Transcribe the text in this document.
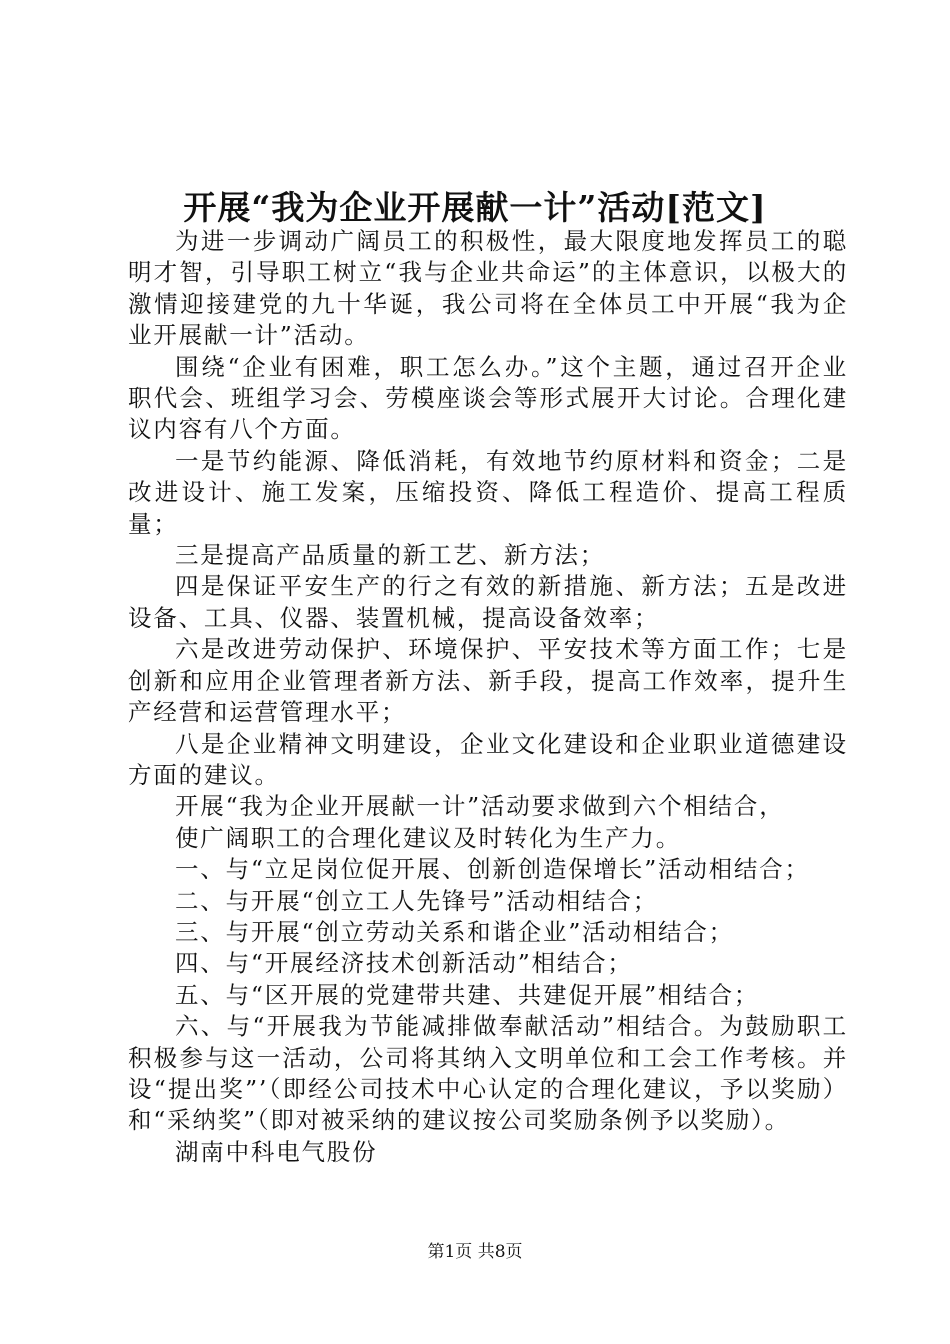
开展“我为企业开展献一计”活动[范文]

为进一步调动广阔员工的积极性，最大限度地发挥员工的聪明才智，引导职工树立“我与企业共命运”的主体意识，以极大的激情迎接建党的九十华诞，我公司将在全体员工中开展“我为企业开展献一计”活动。

围绕“企业有困难，职工怎么办。”这个主题，通过召开企业职代会、班组学习会、劳模座谈会等形式展开大讨论。合理化建议内容有八个方面。

一是节约能源、降低消耗，有效地节约原材料和资金；二是改进设计、施工发案，压缩投资、降低工程造价、提高工程质量；

三是提高产品质量的新工艺、新方法；

四是保证平安生产的行之有效的新措施、新方法；五是改进设备、工具、仪器、装置机械，提高设备效率；

六是改进劳动保护、环境保护、平安技术等方面工作；七是创新和应用企业管理者新方法、新手段，提高工作效率，提升生产经营和运营管理水平；

八是企业精神文明建设，企业文化建设和企业职业道德建设方面的建议。

开展“我为企业开展献一计”活动要求做到六个相结合，

使广阔职工的合理化建议及时转化为生产力。

一、与“立足岗位促开展、创新创造保增长”活动相结合；

二、与开展“创立工人先锋号”活动相结合；

三、与开展“创立劳动关系和谐企业”活动相结合；

四、与“开展经济技术创新活动”相结合；

五、与“区开展的党建带共建、共建促开展”相结合；

六、与“开展我为节能减排做奉献活动”相结合。为鼓励职工积极参与这一活动，公司将其纳入文明单位和工会工作考核。并设“提出奖”’（即经公司技术中心认定的合理化建议，予以奖励）和“采纳奖”（即对被采纳的建议按公司奖励条例予以奖励）。

湖南中科电气股份

第1页 共8页
